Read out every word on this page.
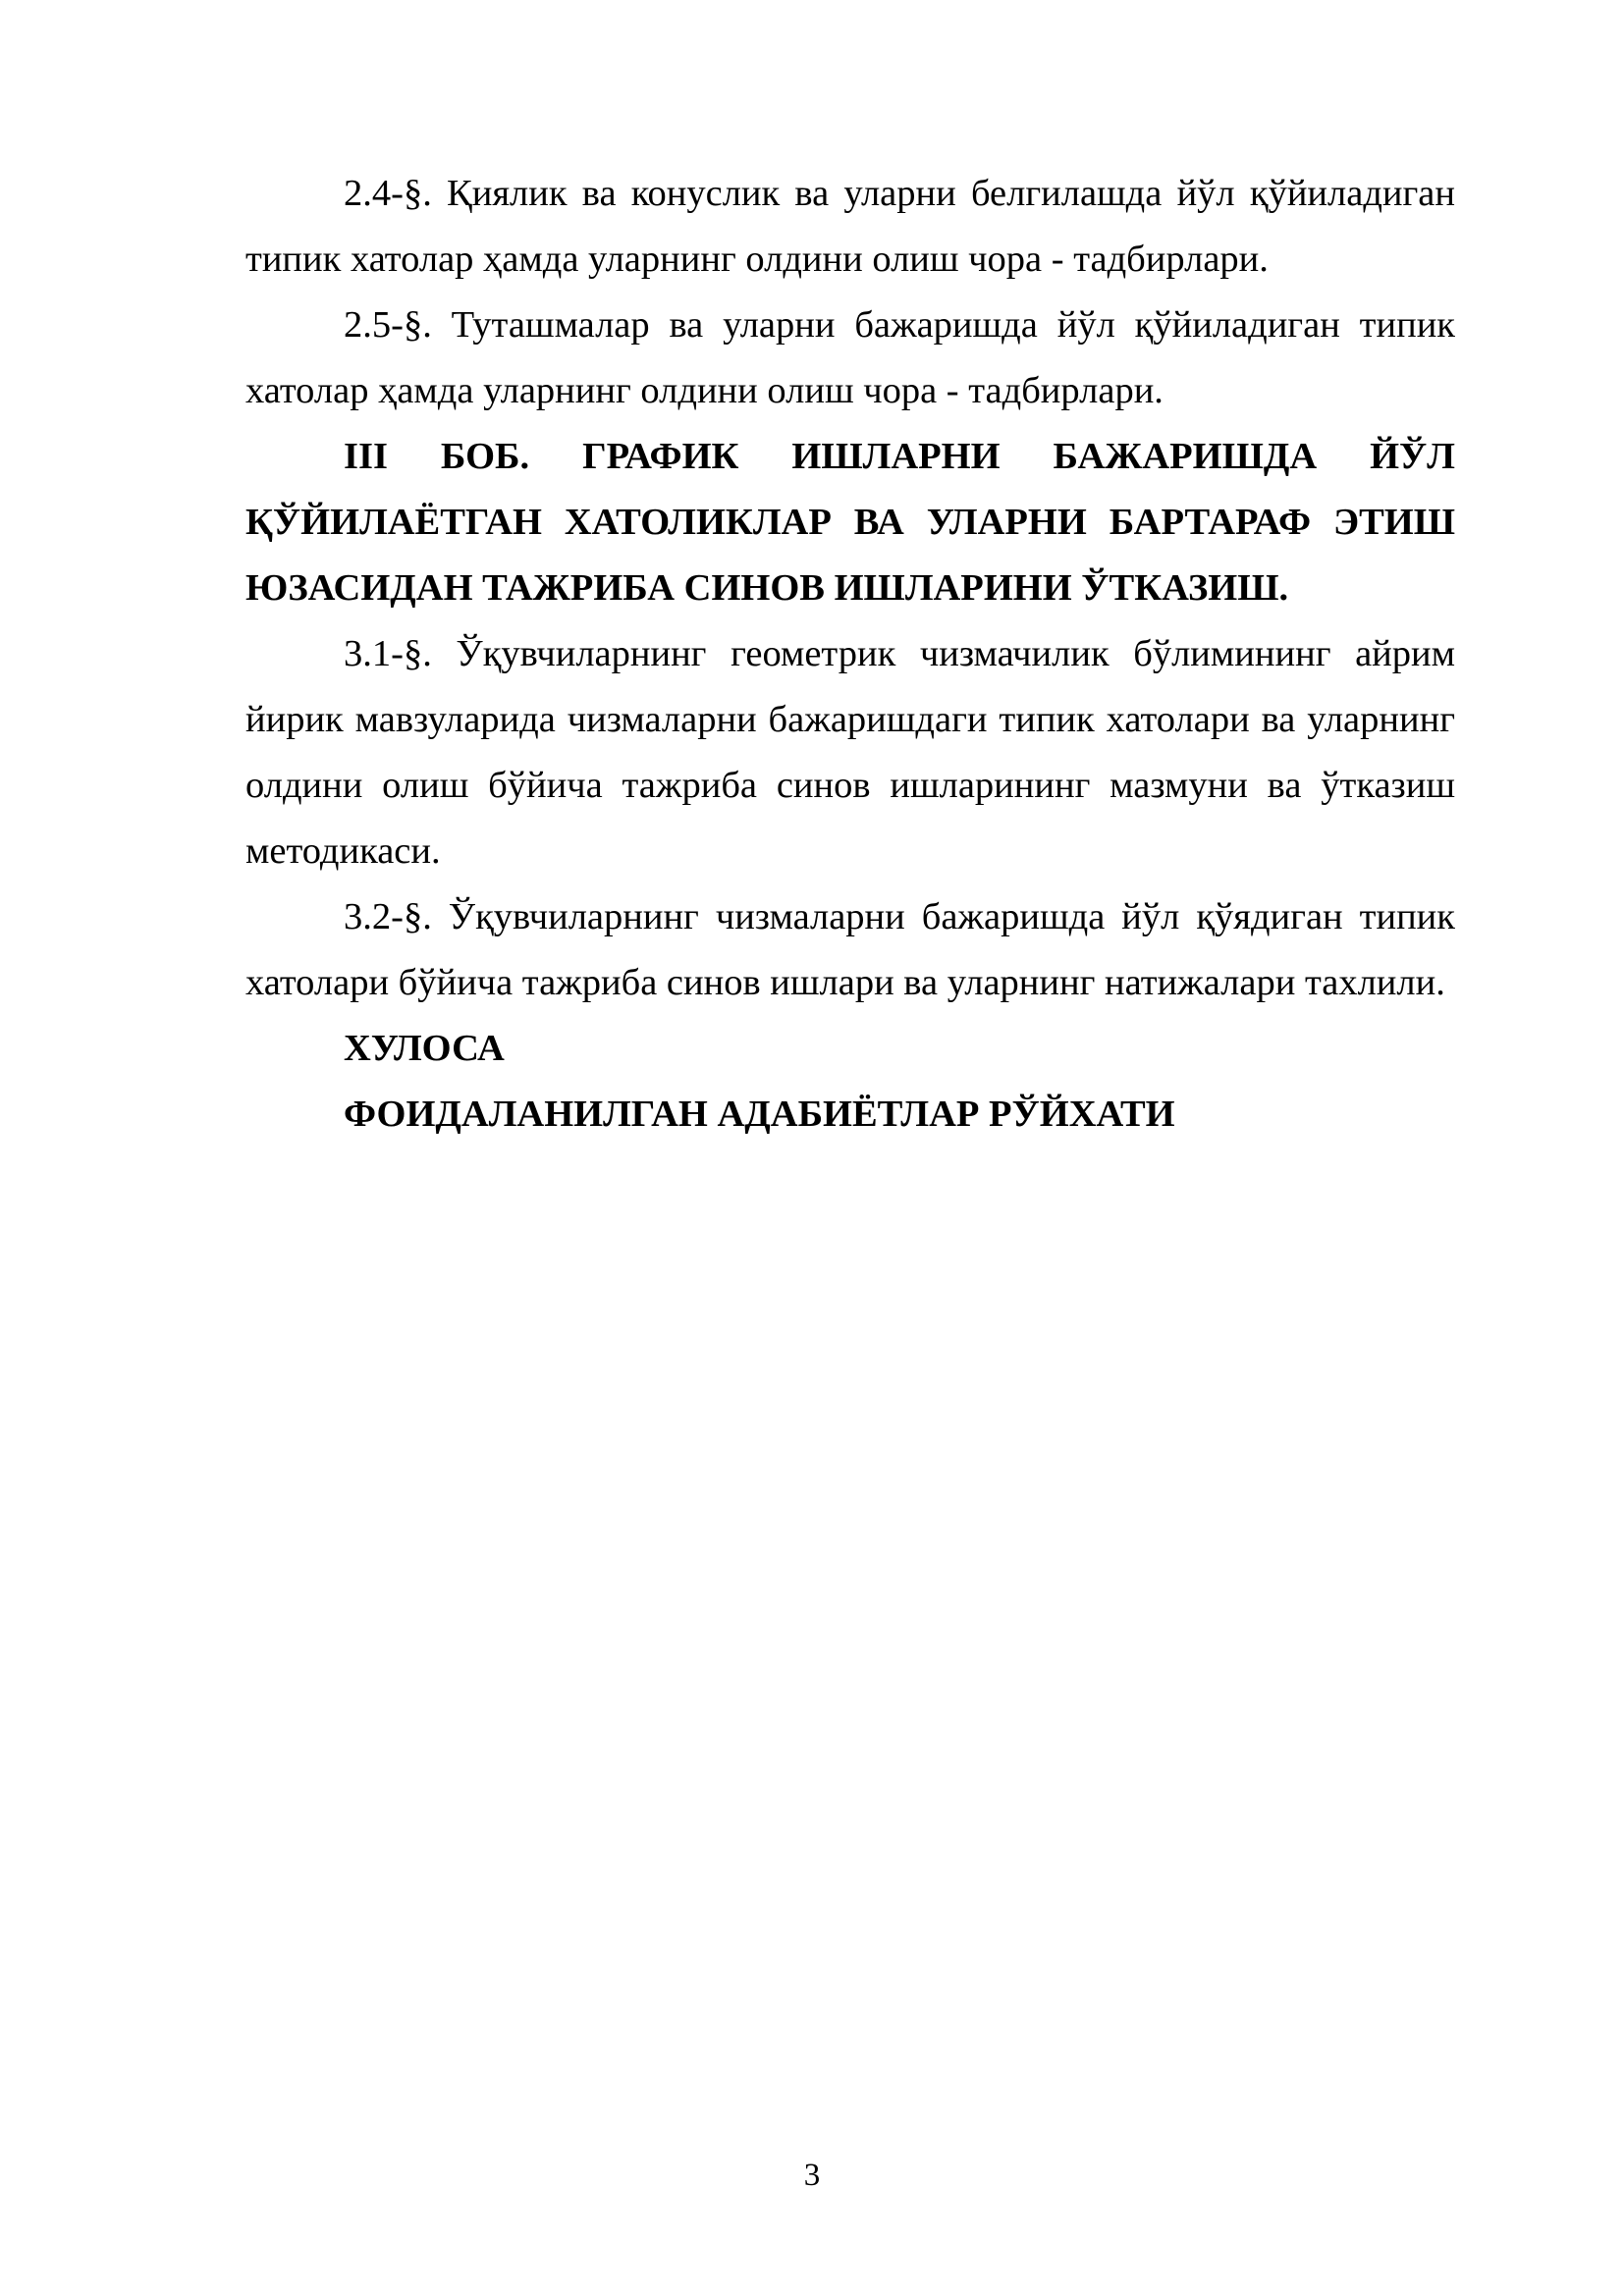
2.4-§. Қиялик ва конуслик ва уларни белгилашда йўл қўйиладиган типик хатолар ҳамда уларнинг олдини олиш чора - тадбирлари.

2.5-§. Туташмалар ва уларни бажаришда йўл қўйиладиган типик хатолар ҳамда уларнинг олдини олиш чора - тадбирлари.

III БОБ. ГРАФИК ИШЛАРНИ БАЖАРИШДА ЙЎЛ ҚЎЙИЛАЁТГАН ХАТОЛИКЛАР ВА УЛАРНИ БАРТАРАФ ЭТИШ ЮЗАСИДАН ТАЖРИБА СИНОВ ИШЛАРИНИ ЎТКАЗИШ.

3.1-§. Ўқувчиларнинг геометрик чизмачилик бўлимининг айрим йирик мавзуларида чизмаларни бажаришдаги типик хатолари ва уларнинг олдини олиш бўйича тажриба синов ишларининг мазмуни ва ўтказиш методикаси.

3.2-§. Ўқувчиларнинг чизмаларни бажаришда йўл қўядиган типик хатолари бўйича тажриба синов ишлари ва уларнинг натижалари тахлили.

ХУЛОСА

ФОИДАЛАНИЛГАН АДАБИЁТЛАР РЎЙХАТИ

3
